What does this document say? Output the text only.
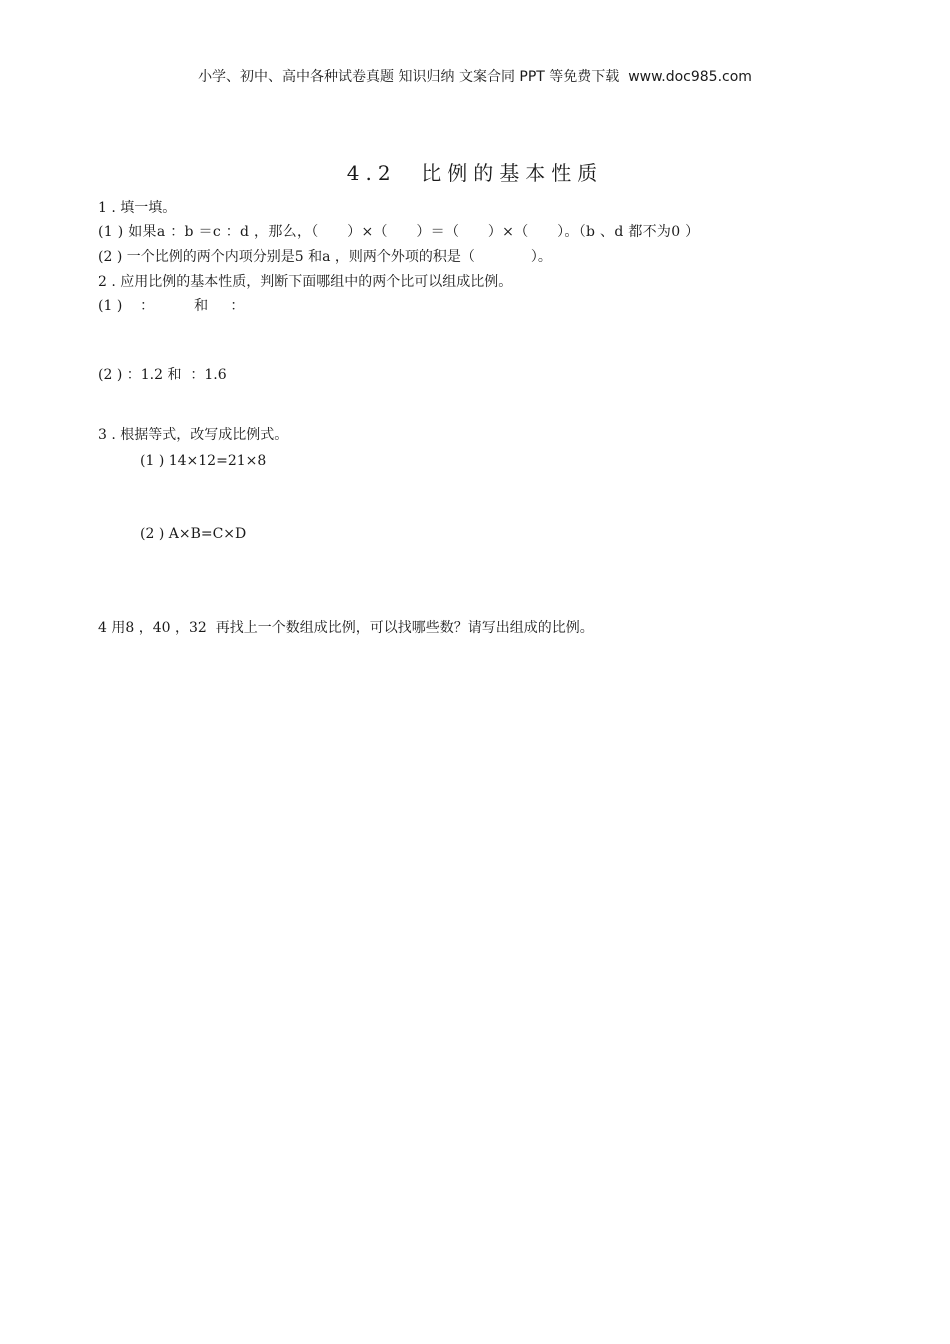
小学、初中、高中各种试卷真题 知识归纳 文案合同 PPT 等免费下载  www.doc985.com
4.2  比例的基本性质
1 . 填一填。
(1 ) 如果a ：b ＝c ：d ，那么，（　　）×（　　）＝（　　）×（　　）。（b 、d 都不为0 ）
(2 ) 一个比例的两个内项分别是5 和a ，则两个外项的积是（　　　　）。
2 . 应用比例的基本性质，判断下面哪组中的两个比可以组成比例。
(1 )    ：         和     ：
(2 ) ：1.2 和  ：1.6
3 . 根据等式，改写成比例式。
(1 ) 14×12=21×8
(2 ) A×B=C×D
4 用8 ，40 ，32  再找上一个数组成比例，可以找哪些数？请写出组成的比例。
